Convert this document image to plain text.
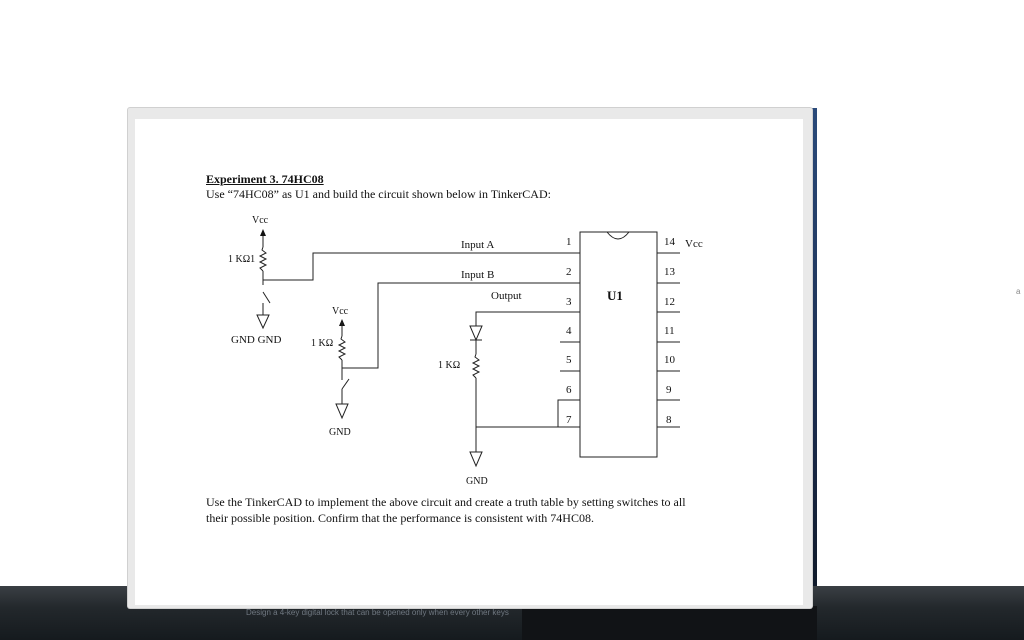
Design a 4-key digital lock that can be opened only when every other keys
a
Experiment 3. 74HC08
Use “74HC08” as U1 and build the circuit shown below in TinkerCAD:
Vcc
1 KΩ1
GND GND
Vcc
1 KΩ
GND
1 KΩ
GND
Input A
Input B
Output	U1
Vcc
1
2
3
4
5
6
7
14
13
12
11
10
9
8
Use the TinkerCAD to implement the above circuit and create a truth table by setting switches to all
their possible position. Confirm that the performance is consistent with 74HC08.
